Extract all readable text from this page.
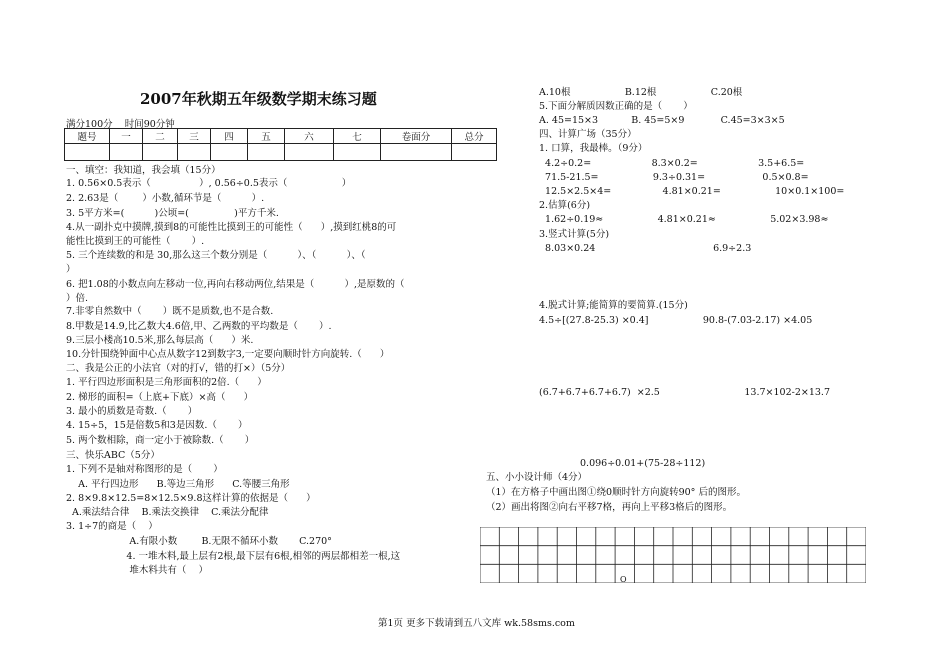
2007年秋期五年级数学期末练习题
满分100分    时间90分钟
题号	一	二	三	四	五	六	七	卷面分	总分

一、填空：我知道，我会填（15分）
1. 0.56×0.5表示（                ）, 0.56÷0.5表示（                  ）
2. 2.63是（        ）小数,循环节是（          ）.
3. 5平方米=(          )公顷=(               )平方千米.
4.从一副扑克中摸牌,摸到8的可能性比摸到王的可能性（      ）,摸到红桃8的可
能性比摸到王的可能性（       ）.
5. 三个连续数的和是 30,那么这三个数分别是（          ）、（          ）、（
）
6. 把1.08的小数点向左移动一位,再向右移动两位,结果是（          ）,是原数的（
）倍.
7.非零自然数中（       ）既不是质数,也不是合数.
8.甲数是14.9,比乙数大4.6倍,甲、乙两数的平均数是（       ）.
9.三层小楼高10.5米,那么每层高（      ）米.
10.分针围绕钟面中心点从数字12到数字3,一定要向顺时针方向旋转.（      ）
二、我是公正的小法官（对的打√，错的打×）（5分）
1. 平行四边形面积是三角形面积的2倍.（      ）
2. 梯形的面积=（上底+下底）×高（      ）
3. 最小的质数是奇数.（       ）
4. 15÷5，15是倍数5和3是因数.（       ）
5. 两个数相除，商一定小于被除数.（       ）
三、快乐ABC（5分）
1. 下列不是轴对称图形的是（       ）
A. 平行四边形      B.等边三角形      C.等腰三角形
2. 8×9.8×12.5=8×12.5×9.8这样计算的依据是（      ）
A.乘法结合律    B.乘法交换律    C.乘法分配律
3. 1÷7的商是（    ）
A.有限小数        B.无限不循环小数       C.270°
4. 一堆木料,最上层有2根,最下层有6根,相邻的两层都相差一根,这
堆木料共有（    ）
A.10根                  B.12根                  C.20根
5.下面分解质因数正确的是（       ）
A. 45=15×3           B. 45=5×9            C.45=3×3×5
四、计算广场（35分）
1. 口算，我最棒。（9分）
4.2÷0.2=                    8.3×0.2=                    3.5+6.5=
71.5-21.5=                  9.3÷0.31=                   0.5×0.8=
12.5×2.5×4=                 4.81×0.21=                  10×0.1×100=
2.估算(6分)
1.62÷0.19≈                  4.81×0.21≈                  5.02×3.98≈
3.竖式计算(5分)
8.03×0.24                                       6.9÷2.3
4.脱式计算;能简算的要简算.(15分)
4.5÷[(27.8-25.3) ×0.4]                  90.8-(7.03-2.17) ×4.05
(6.7+6.7+6.7+6.7)  ×2.5                            13.7×102-2×13.7
0.096÷0.01+(75-28÷112)
五、小小设计师（4分）
（1）在方格子中画出图①绕0顺时针方向旋转90° 后的图形。
（2）画出将图②向右平移7格，再向上平移3格后的图形。
O
第1页 更多下载请到五八文库 wk.58sms.com
